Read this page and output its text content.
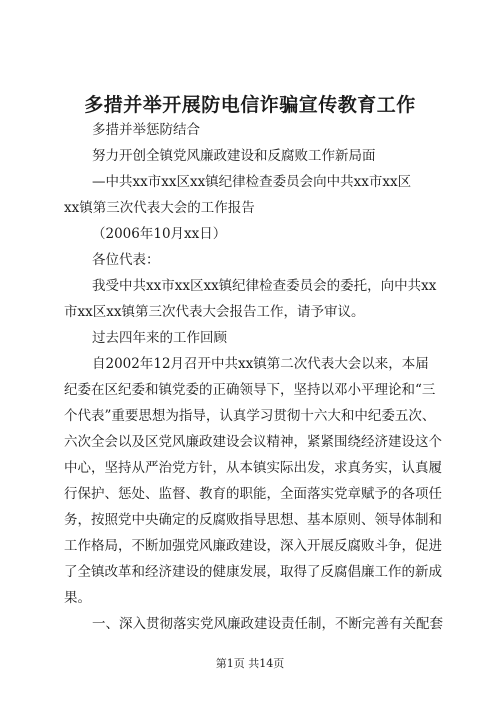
多措并举开展防电信诈骗宣传教育工作
多措并举惩防结合
努力开创全镇党风廉政建设和反腐败工作新局面
—中共xx市xx区xx镇纪律检查委员会向中共xx市xx区
xx镇第三次代表大会的工作报告
（2006年10月xx日）
各位代表：
我受中共xx市xx区xx镇纪律检查委员会的委托，向中共xx
市xx区xx镇第三次代表大会报告工作，请予审议。
过去四年来的工作回顾
自2002年12月召开中共xx镇第二次代表大会以来，本届
纪委在区纪委和镇党委的正确领导下，坚持以邓小平理论和“三
个代表”重要思想为指导，认真学习贯彻十六大和中纪委五次、
六次全会以及区党风廉政建设会议精神，紧紧围绕经济建设这个
中心，坚持从严治党方针，从本镇实际出发，求真务实，认真履
行保护、惩处、监督、教育的职能，全面落实党章赋予的各项任
务，按照党中央确定的反腐败指导思想、基本原则、领导体制和
工作格局，不断加强党风廉政建设，深入开展反腐败斗争，促进
了全镇改革和经济建设的健康发展，取得了反腐倡廉工作的新成
果。
一、深入贯彻落实党风廉政建设责任制，不断完善有关配套
第1页 共14页
